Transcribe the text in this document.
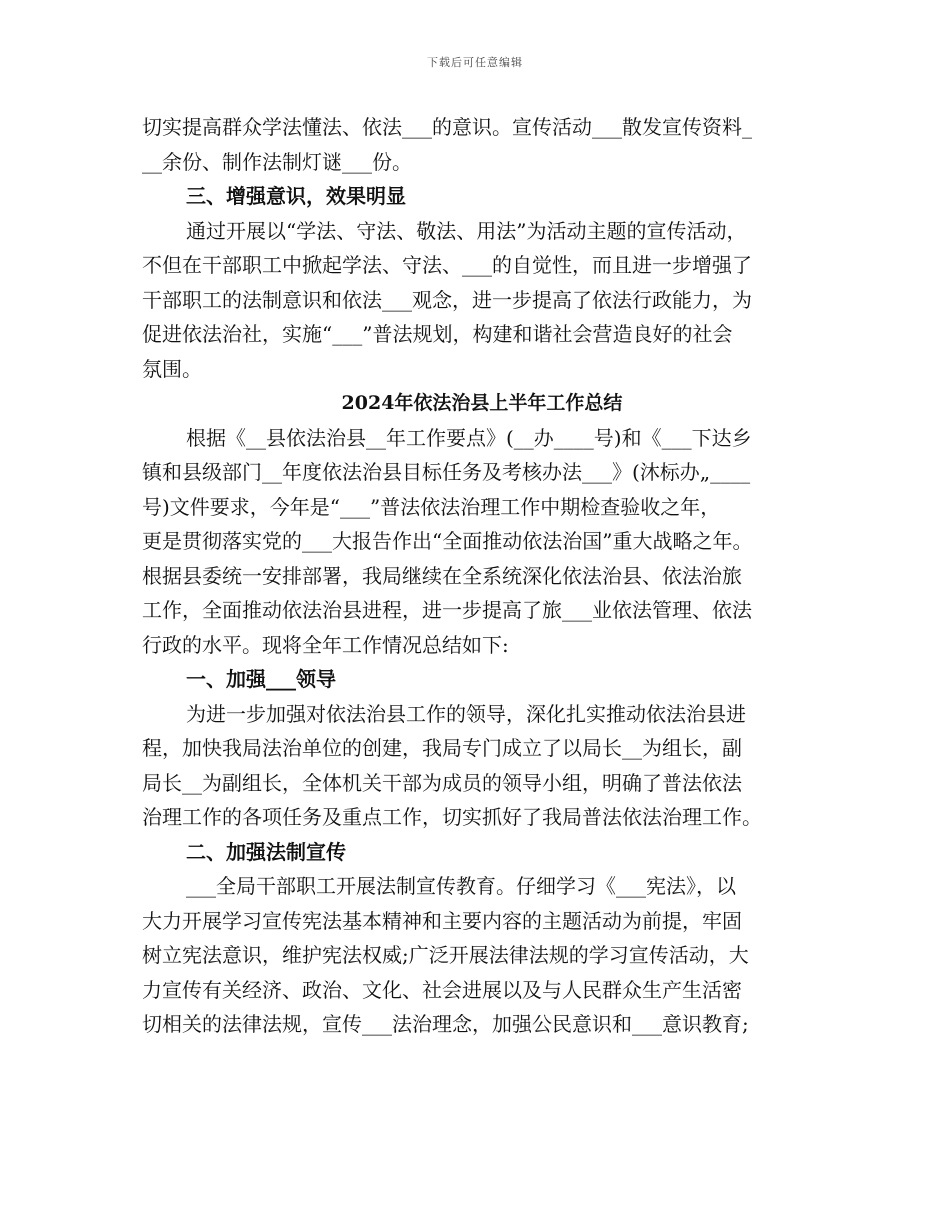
下载后可任意编辑
切实提高群众学法懂法、依法___的意识。宣传活动___散发宣传资料_
__余份、制作法制灯谜___份。
三、增强意识，效果明显
通过开展以“学法、守法、敬法、用法”为活动主题的宣传活动，
不但在干部职工中掀起学法、守法、___的自觉性，而且进一步增强了
干部职工的法制意识和依法___观念，进一步提高了依法行政能力，为
促进依法治社，实施“___”普法规划，构建和谐社会营造良好的社会
氛围。
2024年依法治县上半年工作总结
根据《__县依法治县__年工作要点》(__办____号)和《___下达乡
镇和县级部门__年度依法治县目标任务及考核办法___》(沐标办„____
号)文件要求，今年是“___”普法依法治理工作中期检查验收之年，
更是贯彻落实党的___大报告作出“全面推动依法治国”重大战略之年。
根据县委统一安排部署，我局继续在全系统深化依法治县、依法治旅
工作，全面推动依法治县进程，进一步提高了旅___业依法管理、依法
行政的水平。现将全年工作情况总结如下:
一、加强___领导
为进一步加强对依法治县工作的领导，深化扎实推动依法治县进
程，加快我局法治单位的创建，我局专门成立了以局长__为组长，副
局长__为副组长，全体机关干部为成员的领导小组，明确了普法依法
治理工作的各项任务及重点工作，切实抓好了我局普法依法治理工作。
二、加强法制宣传
___全局干部职工开展法制宣传教育。仔细学习《___宪法》，以
大力开展学习宣传宪法基本精神和主要内容的主题活动为前提，牢固
树立宪法意识，维护宪法权威;广泛开展法律法规的学习宣传活动，大
力宣传有关经济、政治、文化、社会进展以及与人民群众生产生活密
切相关的法律法规，宣传___法治理念，加强公民意识和___意识教育;
